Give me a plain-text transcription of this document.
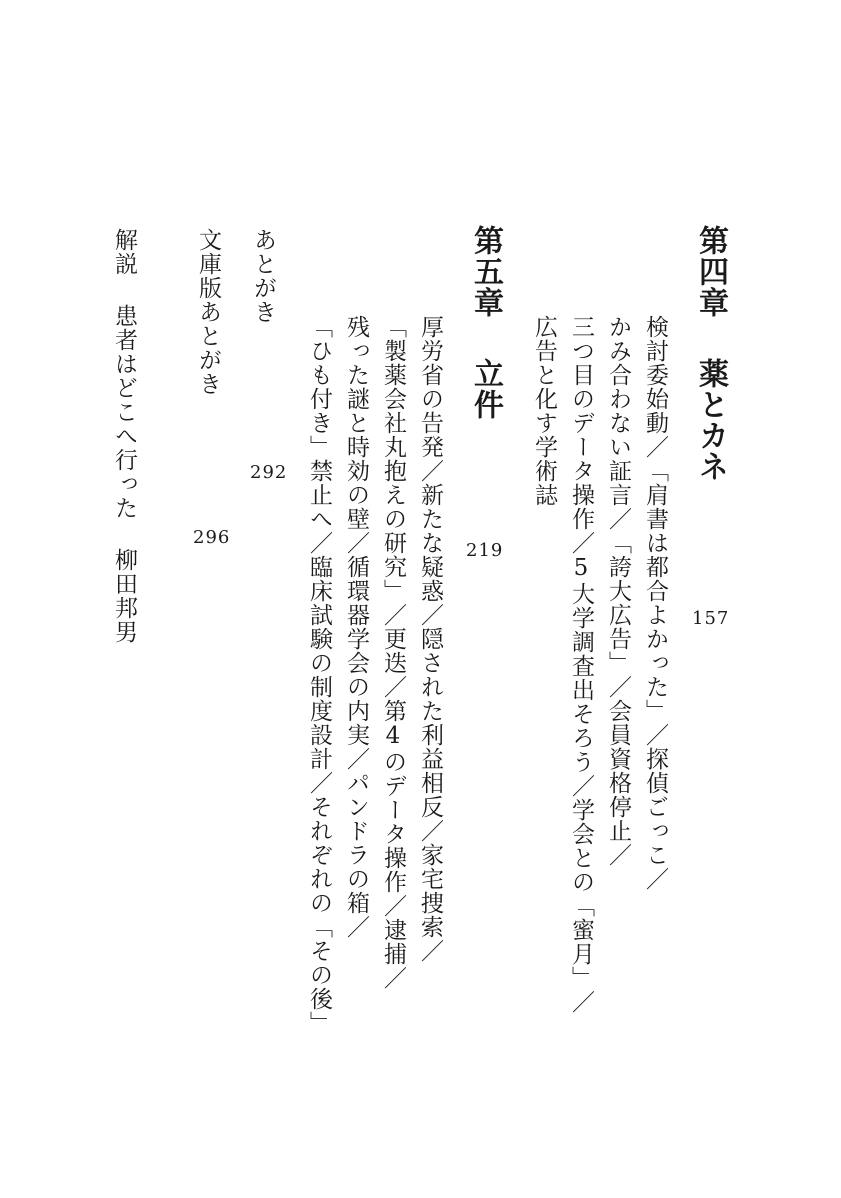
第四章薬とカネ
157
検討委始動／「肩書は都合よかった」／探偵ごっこ／
かみ合わない証言／「誇大広告」／会員資格停止／
三つ目のデータ操作／5大学調査出そろう／学会との「蜜月」／
広告と化す学術誌
第五章立件
219
厚労省の告発／新たな疑惑／隠された利益相反／家宅捜索／
「製薬会社丸抱えの研究」／更迭／第4のデータ操作／逮捕／
残った謎と時効の壁／循環器学会の内実／パンドラの箱／
「ひも付き」禁止へ／臨床試験の制度設計／それぞれの「その後」
あとがき
292
文庫版あとがき
296
解説患者はどこへ行った柳田邦男
